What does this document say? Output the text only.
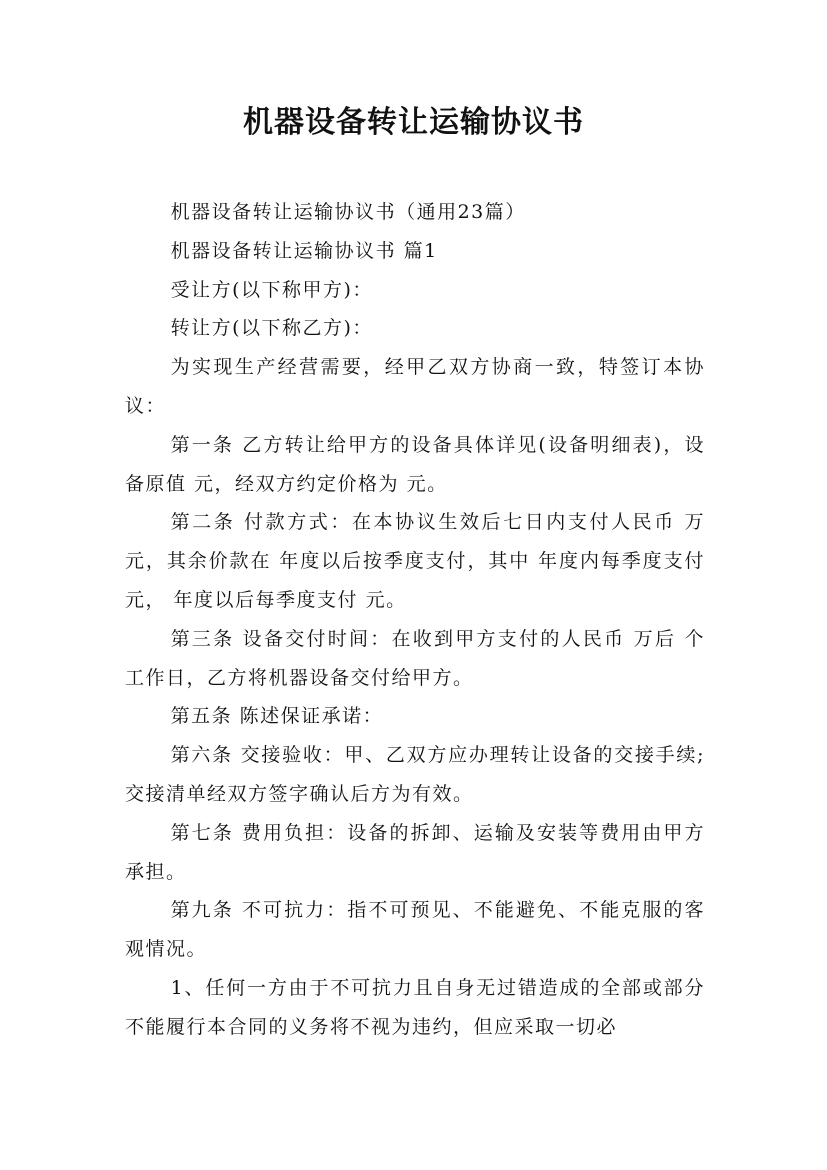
机器设备转让运输协议书

机器设备转让运输协议书（通用23篇）

机器设备转让运输协议书 篇1

受让方(以下称甲方)：

转让方(以下称乙方)：

为实现生产经营需要，经甲乙双方协商一致，特签订本协议：

第一条 乙方转让给甲方的设备具体详见(设备明细表)，设备原值 元，经双方约定价格为 元。

第二条 付款方式：在本协议生效后七日内支付人民币 万元，其余价款在 年度以后按季度支付，其中 年度内每季度支付 元， 年度以后每季度支付 元。

第三条 设备交付时间：在收到甲方支付的人民币 万后 个工作日，乙方将机器设备交付给甲方。

第五条 陈述保证承诺：

第六条 交接验收：甲、乙双方应办理转让设备的交接手续;交接清单经双方签字确认后方为有效。

第七条 费用负担：设备的拆卸、运输及安装等费用由甲方承担。

第九条 不可抗力：指不可预见、不能避免、不能克服的客观情况。

1、任何一方由于不可抗力且自身无过错造成的全部或部分不能履行本合同的义务将不视为违约，但应采取一切必
